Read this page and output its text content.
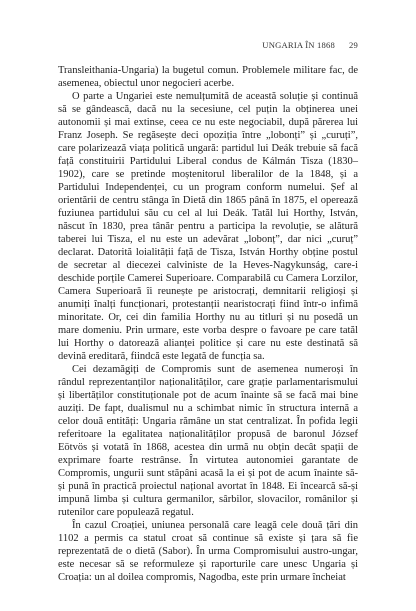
UNGARIA ÎN 1868 29

Transleithania-Ungaria) la bugetul comun. Problemele militare fac, de asemenea, obiectul unor negocieri acerbe.

O parte a Ungariei este nemulțumită de această soluție și continuă să se gândească, dacă nu la secesiune, cel puțin la obținerea unei autonomii și mai extinse, ceea ce nu este negociabil, după părerea lui Franz Joseph. Se regăsește deci opoziția între „lobonți” și „curuți”, care polarizează viața politică ungară: partidul lui Deák trebuie să facă față constituirii Partidului Liberal condus de Kálmán Tisza (1830–1902), care se pretinde moștenitorul liberalilor de la 1848, și a Partidului Independenței, cu un program conform numelui. Șef al orientării de centru stânga în Dietă din 1865 până în 1875, el operează fuziunea partidului său cu cel al lui Deák. Tatăl lui Horthy, István, născut în 1830, prea tânăr pentru a participa la revoluție, se alătură taberei lui Tisza, el nu este un adevărat „lobonț”, dar nici „curuț” declarat. Datorită loialității față de Tisza, István Horthy obține postul de secretar al diecezei calviniste de la Heves-Nagykunság, care-i deschide porțile Camerei Superioare. Comparabilă cu Camera Lorzilor, Camera Superioară îi reunește pe aristocrați, demnitarii religioși și anumiți înalți funcționari, protestanții nearistocrați fiind într-o infimă minoritate. Or, cei din familia Horthy nu au titluri și nu posedă un mare domeniu. Prin urmare, este vorba despre o favoare pe care tatăl lui Horthy o datorează alianței politice și care nu este destinată să devină ereditară, fiindcă este legată de funcția sa.

Cei dezamăgiți de Compromis sunt de asemenea numeroși în rândul reprezentanților naționalităților, care grație parlamentarismului și libertăților constituționale pot de acum înainte să se facă mai bine auziți. De fapt, dualismul nu a schimbat nimic în structura internă a celor două entități: Ungaria rămâne un stat centralizat. În pofida legii referitoare la egalitatea naționalităților propusă de baronul József Eötvös și votată în 1868, acestea din urmă nu obțin decât spații de exprimare foarte restrânse. În virtutea autonomiei garantate de Compromis, ungurii sunt stăpâni acasă la ei și pot de acum înainte să-și pună în practică proiectul național avortat în 1848. Ei încearcă să-și impună limba și cultura germanilor, sârbilor, slovacilor, românilor și rutenilor care populează regatul.

În cazul Croației, uniunea personală care leagă cele două țări din 1102 a permis ca statul croat să continue să existe și țara să fie reprezentată de o dietă (Sabor). În urma Compromisului austro-ungar, este necesar să se reformuleze și raporturile care unesc Ungaria și Croația: un al doilea compromis, Nagodba, este prin urmare încheiat
